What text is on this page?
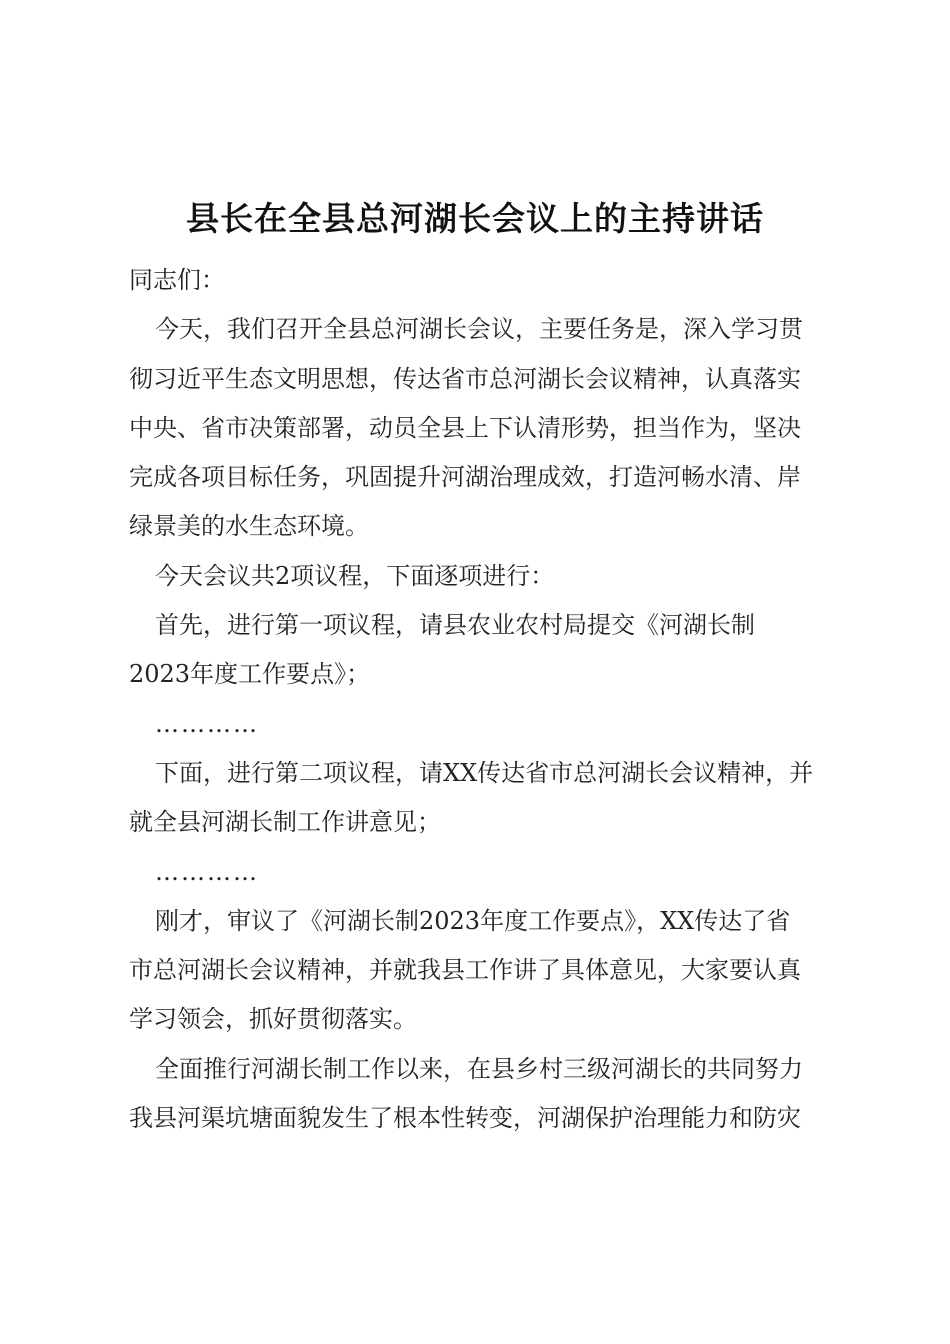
县长在全县总河湖长会议上的主持讲话

同志们：

今天，我们召开全县总河湖长会议，主要任务是，深入学习贯
彻习近平生态文明思想，传达省市总河湖长会议精神，认真落实
中央、省市决策部署，动员全县上下认清形势，担当作为，坚决
完成各项目标任务，巩固提升河湖治理成效，打造河畅水清、岸
绿景美的水生态环境。

今天会议共2项议程，下面逐项进行：

首先，进行第一项议程，请县农业农村局提交《河湖长制
2023年度工作要点》；

…………

下面，进行第二项议程，请XX传达省市总河湖长会议精神，并
就全县河湖长制工作讲意见；

…………

刚才，审议了《河湖长制2023年度工作要点》，XX传达了省
市总河湖长会议精神，并就我县工作讲了具体意见，大家要认真
学习领会，抓好贯彻落实。

全面推行河湖长制工作以来，在县乡村三级河湖长的共同努力
我县河渠坑塘面貌发生了根本性转变，河湖保护治理能力和防灾
